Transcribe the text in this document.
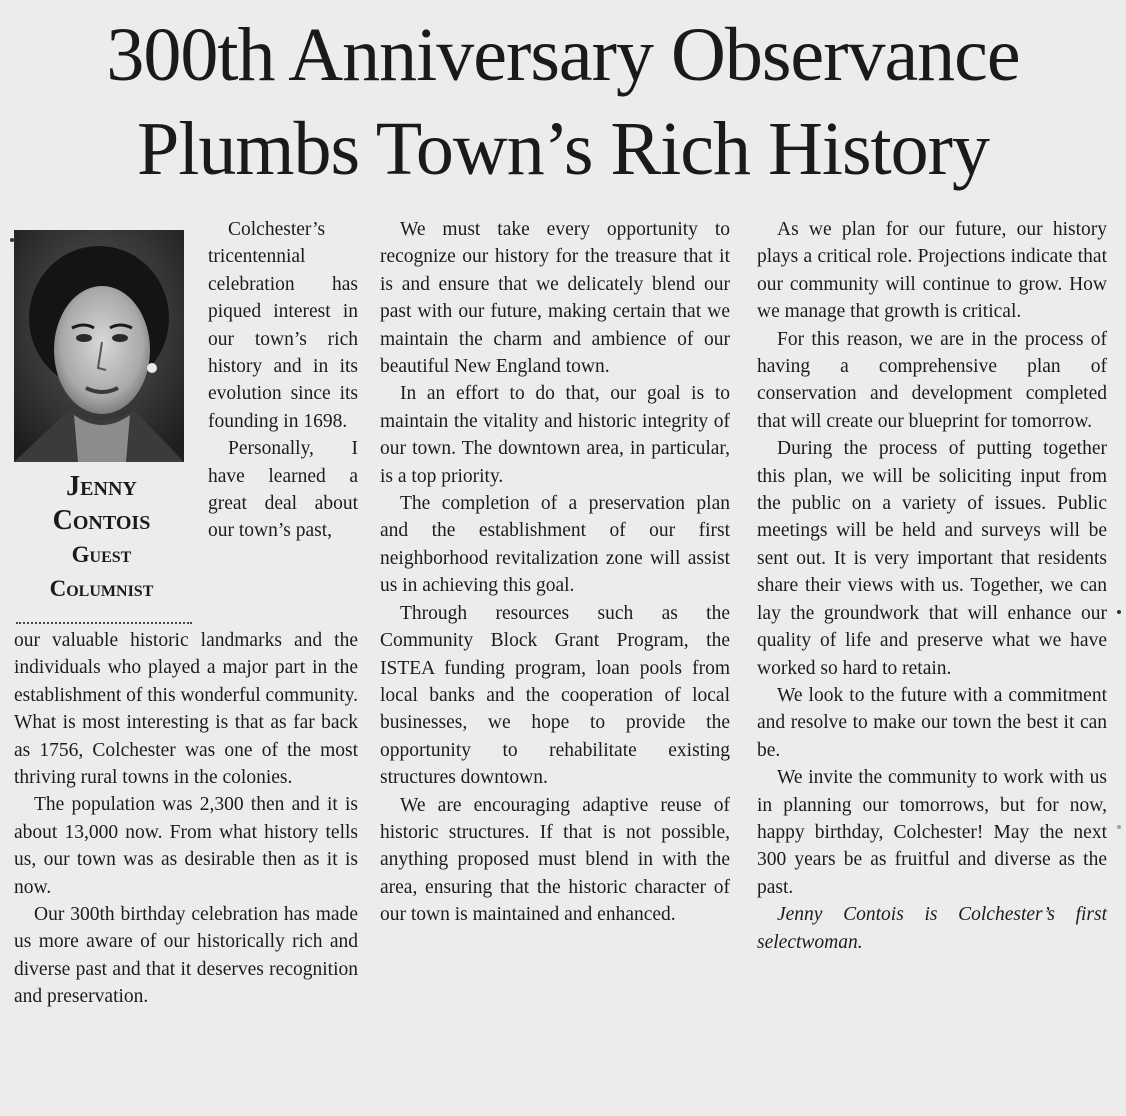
300th Anniversary Observance
Plumbs Town’s Rich History
Jenny
Contois
Guest
Columnist

Colchester’s tricentennial celebration has piqued interest in our town’s rich history and in its evolution since its founding in 1698.

Personally, I have learned a great deal about our town’s past,

our valuable historic landmarks and the individuals who played a major part in the establishment of this wonderful community. What is most interesting is that as far back as 1756, Colchester was one of the most thriving rural towns in the colonies.

The population was 2,300 then and it is about 13,000 now. From what history tells us, our town was as desirable then as it is now.

Our 300th birthday celebration has made us more aware of our historically rich and diverse past and that it deserves recognition and preservation.

We must take every opportunity to recognize our history for the treasure that it is and ensure that we delicately blend our past with our future, making certain that we maintain the charm and ambience of our beautiful New England town.

In an effort to do that, our goal is to maintain the vitality and historic integrity of our town. The downtown area, in particular, is a top priority.

The completion of a preservation plan and the establishment of our first neighborhood revitalization zone will assist us in achieving this goal.

Through resources such as the Community Block Grant Program, the ISTEA funding program, loan pools from local banks and the cooperation of local businesses, we hope to provide the opportunity to rehabilitate existing structures downtown.

We are encouraging adaptive reuse of historic structures. If that is not possible, anything proposed must blend in with the area, ensuring that the historic character of our town is maintained and enhanced.

As we plan for our future, our history plays a critical role. Projections indicate that our community will continue to grow. How we manage that growth is critical.

For this reason, we are in the process of having a comprehensive plan of conservation and development completed that will create our blueprint for tomorrow.

During the process of putting together this plan, we will be soliciting input from the public on a variety of issues. Public meetings will be held and surveys will be sent out. It is very important that residents share their views with us. Together, we can lay the groundwork that will enhance our quality of life and preserve what we have worked so hard to retain.

We look to the future with a commitment and resolve to make our town the best it can be.

We invite the community to work with us in planning our tomorrows, but for now, happy birthday, Colchester! May the next 300 years be as fruitful and diverse as the past.

Jenny Contois is Colchester’s first selectwoman.
